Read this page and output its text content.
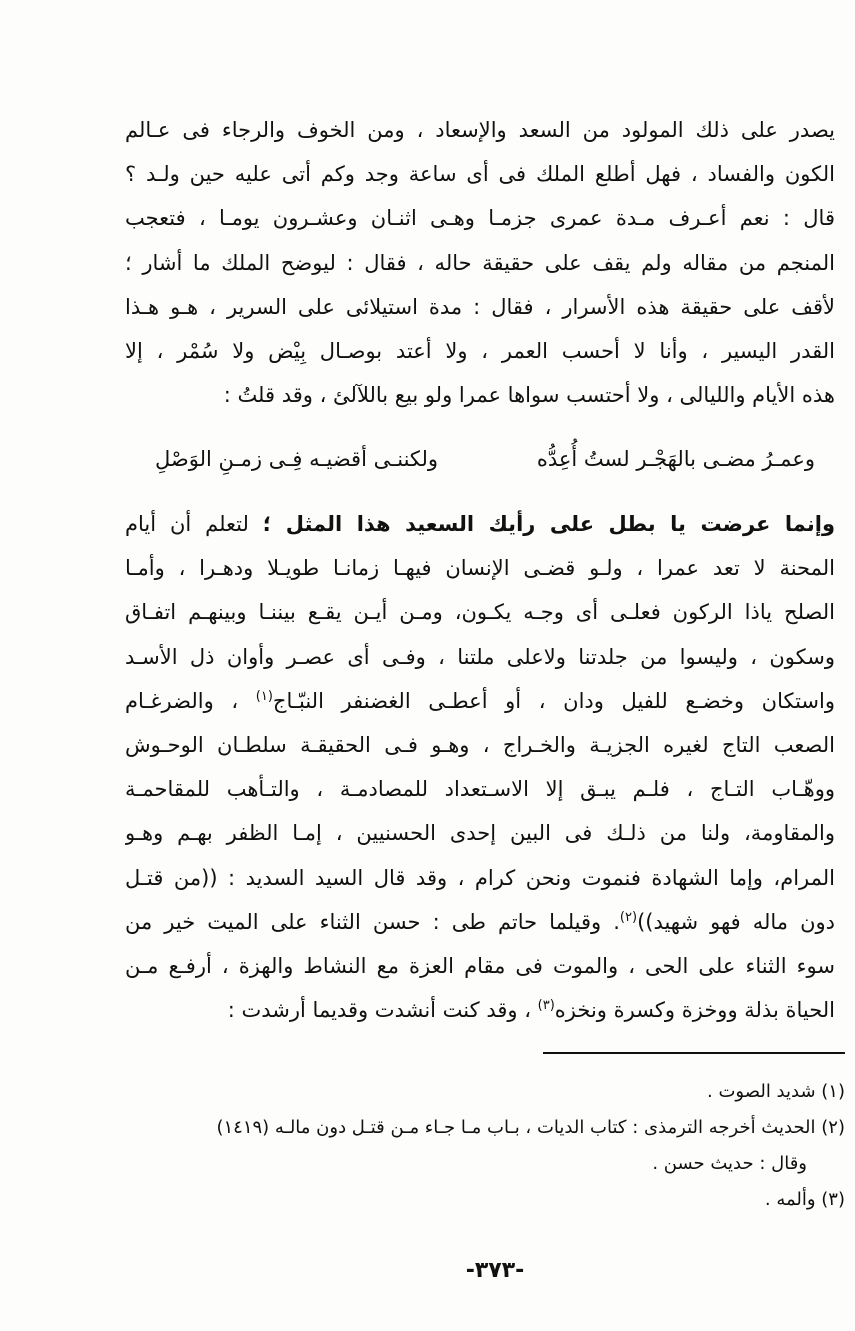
يصدر على ذلك المولود من السعد والإسعاد ، ومن الخوف والرجاء فى عـالم
الكون والفساد ، فهل أطلع الملك فى أى ساعة وجد وكم أتى عليه حين ولـد ؟
قال : نعم أعـرف مـدة عمرى جزمـا وهـى اثنـان وعشـرون يومـا ، فتعجب
المنجم من مقاله ولم يقف على حقيقة حاله ، فقال : ليوضح الملك ما أشار ؛
لأقف على حقيقة هذه الأسرار ، فقال : مدة استيلائى على السرير ، هـو هـذا
القدر اليسير ، وأنا لا أحسب العمر ، ولا أعتد بوصـال بِيْض ولا سُمْر ، إلا
هذه الأيام والليالى ، ولا أحتسب سواها عمرا ولو بيع باللآلئ ، وقد قلتُ :
وعمـرُ مضـى بالهَجْـر لستُ أُعِدُّه
ولكننـى أقضيـه فِـى زمـنِ الوَصْلِ
وإنما عرضت يا بطل على رأيك السعيد هذا المثل ؛ لتعلم أن أيام
المحنة لا تعد عمرا ، ولـو قضـى الإنسان فيهـا زمانـا طويـلا ودهـرا ، وأمـا
الصلح ياذا الركون فعلـى أى وجـه يكـون، ومـن أيـن يقـع بيننـا وبينهـم اتفـاق
وسكون ، وليسوا من جلدتنا ولاعلى ملتنا ، وفـى أى عصـر وأوان ذل الأسـد
واستكان وخضـع للفيل ودان ، أو أعطـى الغضنفر النبّـاج$^{(١)}$ ، والضرغـام
الصعب التاج لغيره الجزيـة والخـراج ، وهـو فـى الحقيقـة سلطـان الوحـوش
ووهّـاب التـاج ، فلـم يبـق إلا الاسـتعداد للمصادمـة ، والتـأهب للمقاحمـة
والمقاومة، ولنا من ذلـك فى البين إحدى الحسنيين ، إمـا الظفر بهـم وهـو
المرام، وإما الشهادة فنموت ونحن كرام ، وقد قال السيد السديد : ((من قتـل
دون ماله فهو شهيد))$^{(٢)}$. وقيلما حاتم طى : حسن الثناء على الميت خير من
سوء الثناء على الحى ، والموت فى مقام العزة مع النشاط والهزة ، أرفـع مـن
الحياة بذلة ووخزة وكسرة ونخزه$^{(٣)}$ ، وقد كنت أنشدت وقديما أرشدت :
(١) شديد الصوت .
(٢) الحديث أخرجه الترمذى : كتاب الديات ، بـاب مـا جـاء مـن قتـل دون مالـه (١٤١٩)
وقال : حديث حسن .
(٣) وألمه .
-٣٧٣-
